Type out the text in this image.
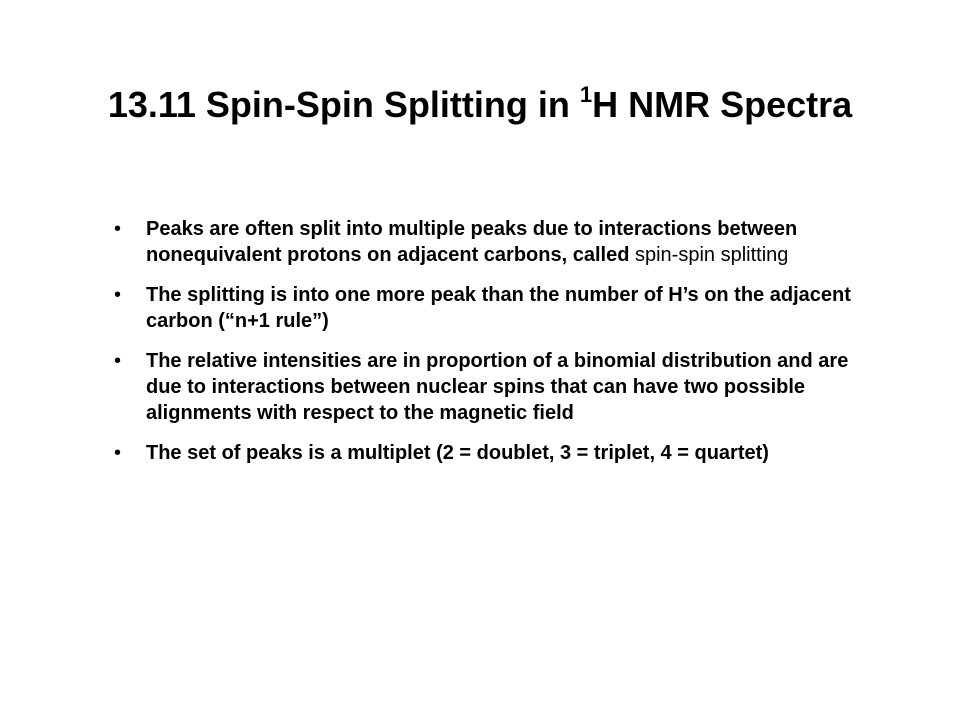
13.11 Spin-Spin Splitting in $^1$H NMR Spectra
• Peaks are often split into multiple peaks due to interactions between nonequivalent protons on adjacent carbons, called spin-spin splitting
• The splitting is into one more peak than the number of H’s on the adjacent carbon (“n+1 rule”)
• The relative intensities are in proportion of a binomial distribution and are due to interactions between nuclear spins that can have two possible alignments with respect to the magnetic field
• The set of peaks is a multiplet (2 = doublet, 3 = triplet, 4 = quartet)
